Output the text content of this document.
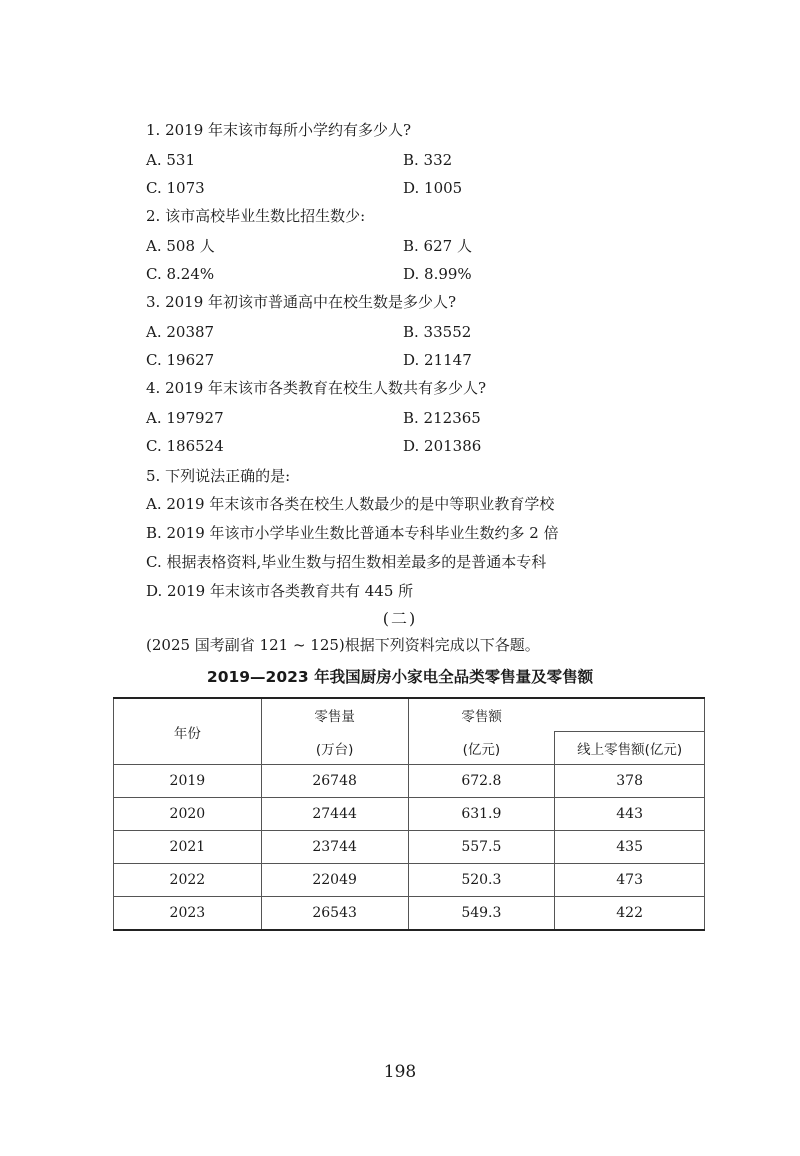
1. 2019 年末该市每所小学约有多少人?
A. 531	B. 332
C. 1073	D. 1005
2. 该市高校毕业生数比招生数少:
A. 508 人	B. 627 人
C. 8.24%	D. 8.99%
3. 2019 年初该市普通高中在校生数是多少人?
A. 20387	B. 33552
C. 19627	D. 21147
4. 2019 年末该市各类教育在校生人数共有多少人?
A. 197927	B. 212365
C. 186524	D. 201386
5. 下列说法正确的是:
A. 2019 年末该市各类在校生人数最少的是中等职业教育学校
B. 2019 年该市小学毕业生数比普通本专科毕业生数约多 2 倍
C. 根据表格资料,毕业生数与招生数相差最多的是普通本专科
D. 2019 年末该市各类教育共有 445 所
(二)
(2025 国考副省 121 ~ 125)根据下列资料完成以下各题。
2019—2023 年我国厨房小家电全品类零售量及零售额
年份	零售量	零售额	
	(万台)	(亿元)	线上零售额(亿元)
2019	26748	672.8	378
2020	27444	631.9	443
2021	23744	557.5	435
2022	22049	520.3	473
2023	26543	549.3	422
198
